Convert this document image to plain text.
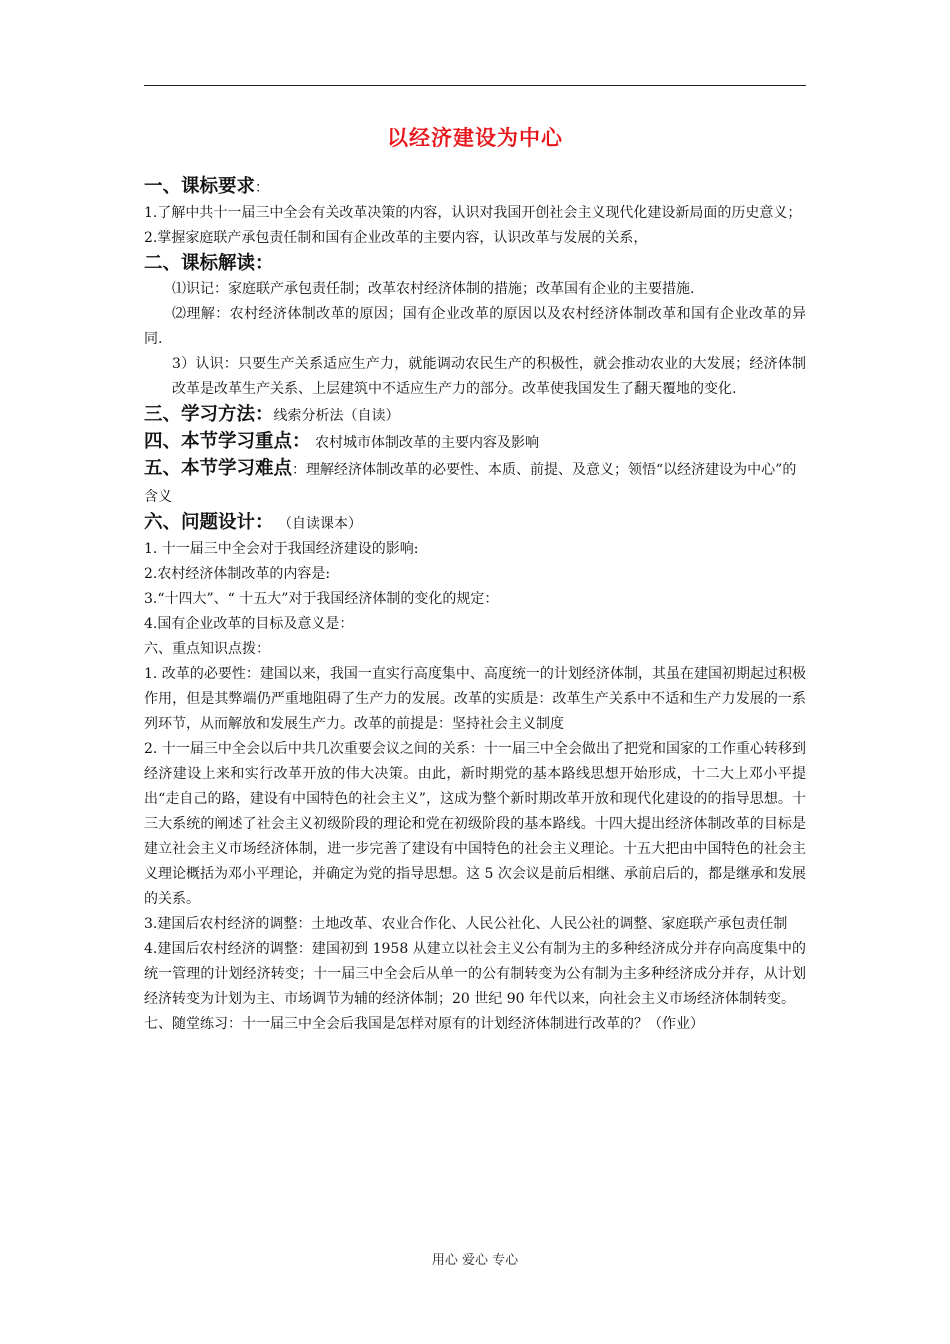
以经济建设为中心
一、课标要求：
1.了解中共十一届三中全会有关改革决策的内容，认识对我国开创社会主义现代化建设新局面的历史意义；
2.掌握家庭联产承包责任制和国有企业改革的主要内容，认识改革与发展的关系，
二、课标解读：
⑴识记：家庭联产承包责任制；改革农村经济体制的措施；改革国有企业的主要措施.
⑵理解：农村经济体制改革的原因；国有企业改革的原因以及农村经济体制改革和国有企业改革的异同.
3）认识：只要生产关系适应生产力，就能调动农民生产的积极性，就会推动农业的大发展；经济体制改革是改革生产关系、上层建筑中不适应生产力的部分。改革使我国发生了翻天覆地的变化.
三、学习方法：线索分析法（自读）
四、本节学习重点： 农村城市体制改革的主要内容及影响
五、本节学习难点：理解经济体制改革的必要性、本质、前提、及意义；领悟“以经济建设为中心”的含义
六、问题设计： （自读课本）
1. 十一届三中全会对于我国经济建设的影响:
2.农村经济体制改革的内容是:
3.“十四大”、“ 十五大”对于我国经济体制的变化的规定：
4.国有企业改革的目标及意义是：
六、重点知识点拨：
1. 改革的必要性：建国以来，我国一直实行高度集中、高度统一的计划经济体制，其虽在建国初期起过积极作用，但是其弊端仍严重地阻碍了生产力的发展。改革的实质是：改革生产关系中不适和生产力发展的一系列环节，从而解放和发展生产力。改革的前提是：坚持社会主义制度
2. 十一届三中全会以后中共几次重要会议之间的关系：十一届三中全会做出了把党和国家的工作重心转移到经济建设上来和实行改革开放的伟大决策。由此，新时期党的基本路线思想开始形成，十二大上邓小平提出“走自己的路，建设有中国特色的社会主义”，这成为整个新时期改革开放和现代化建设的的指导思想。十三大系统的阐述了社会主义初级阶段的理论和党在初级阶段的基本路线。十四大提出经济体制改革的目标是建立社会主义市场经济体制，进一步完善了建设有中国特色的社会主义理论。十五大把由中国特色的社会主义理论概括为邓小平理论，并确定为党的指导思想。这 5 次会议是前后相继、承前启后的，都是继承和发展的关系。
3.建国后农村经济的调整：土地改革、农业合作化、人民公社化、人民公社的调整、家庭联产承包责任制
4.建国后农村经济的调整：建国初到 1958 从建立以社会主义公有制为主的多种经济成分并存向高度集中的统一管理的计划经济转变；十一届三中全会后从单一的公有制转变为公有制为主多种经济成分并存，从计划经济转变为计划为主、市场调节为辅的经济体制；20 世纪 90 年代以来，向社会主义市场经济体制转变。
七、随堂练习：十一届三中全会后我国是怎样对原有的计划经济体制进行改革的？（作业）
用心 爱心 专心
